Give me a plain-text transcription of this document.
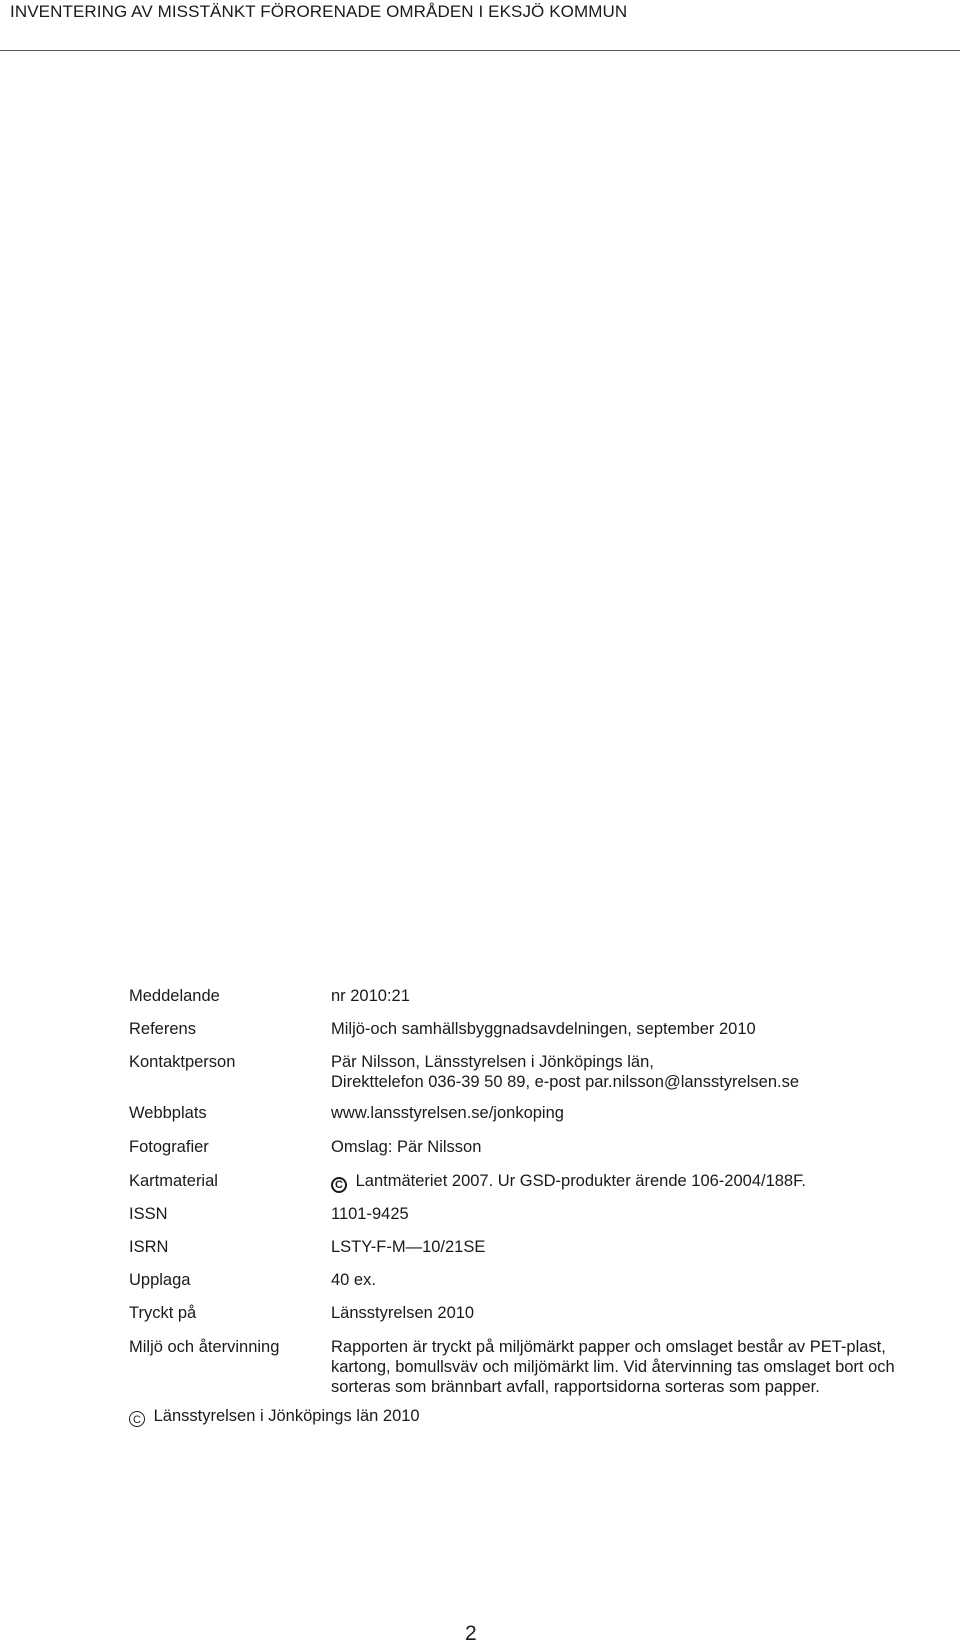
INVENTERING AV MISSTÄNKT FÖRORENADE OMRÅDEN I EKSJÖ KOMMUN
Meddelande	nr 2010:21
Referens	Miljö-och samhällsbyggnadsavdelningen, september 2010
Kontaktperson	Pär Nilsson, Länsstyrelsen i Jönköpings län,
Direkttelefon 036-39 50 89, e-post par.nilsson@lansstyrelsen.se
Webbplats	www.lansstyrelsen.se/jonkoping
Fotografier	Omslag: Pär Nilsson
Kartmaterial	C Lantmäteriet 2007. Ur GSD-produkter ärende 106-2004/188F.
ISSN	1101-9425
ISRN	LSTY-F-M—10/21SE
Upplaga	40 ex.
Tryckt på	Länsstyrelsen 2010
Miljö och återvinning	Rapporten är tryckt på miljömärkt papper och omslaget består av PET-plast,
kartong, bomullsväv och miljömärkt lim. Vid återvinning tas omslaget bort och
sorteras som brännbart avfall, rapportsidorna sorteras som papper.
C Länsstyrelsen i Jönköpings län 2010
2
